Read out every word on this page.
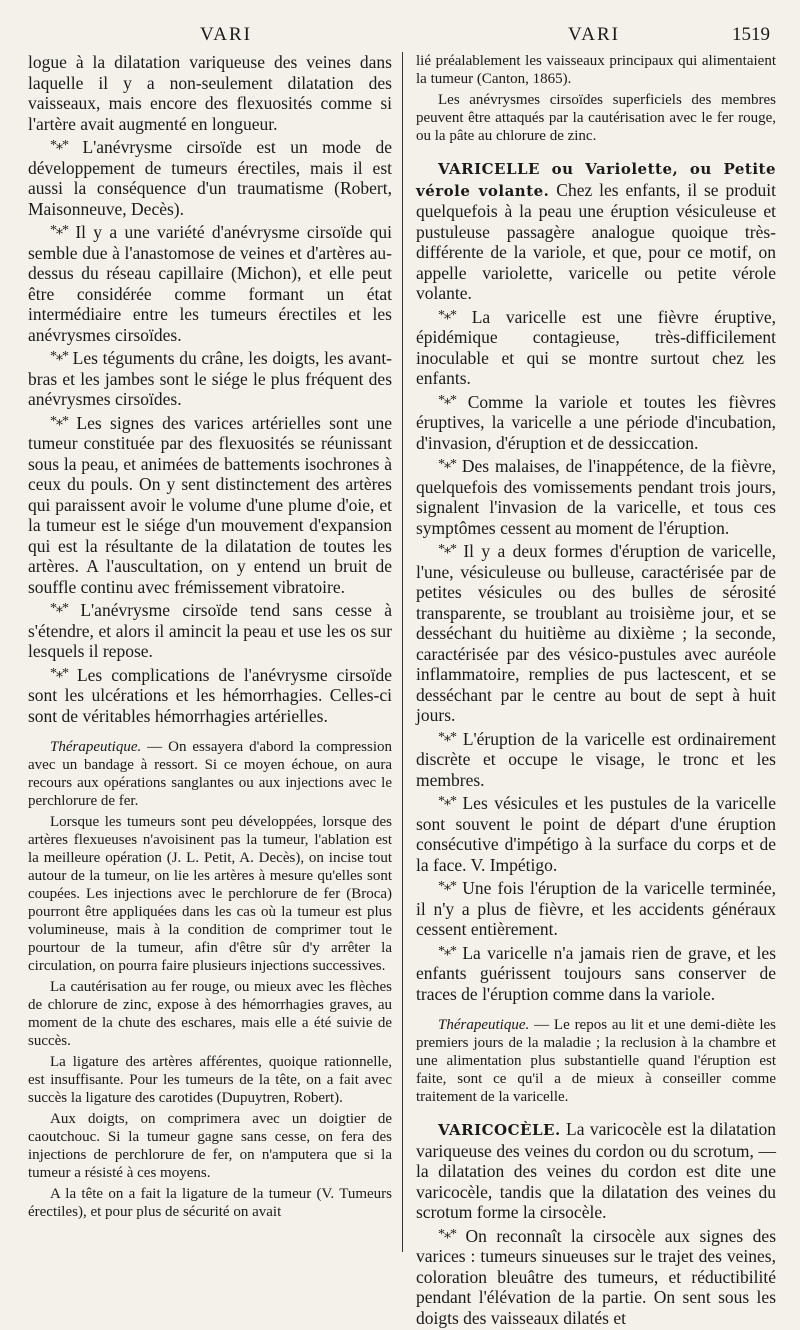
VARI	VARI	1519

logue à la dilatation variqueuse des veines dans laquelle il y a non-seulement dilatation des vaisseaux, mais encore des flexuosités comme si l'artère avait augmenté en longueur.

*⁎* L'anévrysme cirsoïde est un mode de développement de tumeurs érectiles, mais il est aussi la conséquence d'un traumatisme (Robert, Maisonneuve, Decès).

*⁎* Il y a une variété d'anévrysme cirsoïde qui semble due à l'anastomose de veines et d'artères au-dessus du réseau capillaire (Michon), et elle peut être considérée comme formant un état intermédiaire entre les tumeurs érectiles et les anévrysmes cirsoïdes.

*⁎* Les téguments du crâne, les doigts, les avant-bras et les jambes sont le siége le plus fréquent des anévrysmes cirsoïdes.

*⁎* Les signes des varices artérielles sont une tumeur constituée par des flexuosités se réunissant sous la peau, et animées de battements isochrones à ceux du pouls. On y sent distinctement des artères qui paraissent avoir le volume d'une plume d'oie, et la tumeur est le siége d'un mouvement d'expansion qui est la résultante de la dilatation de toutes les artères. A l'auscultation, on y entend un bruit de souffle continu avec frémissement vibratoire.

*⁎* L'anévrysme cirsoïde tend sans cesse à s'étendre, et alors il amincit la peau et use les os sur lesquels il repose.

*⁎* Les complications de l'anévrysme cirsoïde sont les ulcérations et les hémorrhagies. Celles-ci sont de véritables hémorrhagies artérielles.

Thérapeutique. — On essayera d'abord la compression avec un bandage à ressort. Si ce moyen échoue, on aura recours aux opérations sanglantes ou aux injections avec le perchlorure de fer.

Lorsque les tumeurs sont peu développées, lorsque des artères flexueuses n'avoisinent pas la tumeur, l'ablation est la meilleure opération (J. L. Petit, A. Decès), on incise tout autour de la tumeur, on lie les artères à mesure qu'elles sont coupées. Les injections avec le perchlorure de fer (Broca) pourront être appliquées dans les cas où la tumeur est plus volumineuse, mais à la condition de comprimer tout le pourtour de la tumeur, afin d'être sûr d'y arrêter la circulation, on pourra faire plusieurs injections successives.

La cautérisation au fer rouge, ou mieux avec les flèches de chlorure de zinc, expose à des hémorrhagies graves, au moment de la chute des eschares, mais elle a été suivie de succès.

La ligature des artères afférentes, quoique rationnelle, est insuffisante. Pour les tumeurs de la tête, on a fait avec succès la ligature des carotides (Dupuytren, Robert).

Aux doigts, on comprimera avec un doigtier de caoutchouc. Si la tumeur gagne sans cesse, on fera des injections de perchlorure de fer, on n'amputera que si la tumeur a résisté à ces moyens.

A la tête on a fait la ligature de la tumeur (V. Tumeurs érectiles), et pour plus de sécurité on avait

lié préalablement les vaisseaux principaux qui alimentaient la tumeur (Canton, 1865).

Les anévrysmes cirsoïdes superficiels des membres peuvent être attaqués par la cautérisation avec le fer rouge, ou la pâte au chlorure de zinc.

VARICELLE ou Variolette, ou Petite vérole volante. Chez les enfants, il se produit quelquefois à la peau une éruption vésiculeuse et pustuleuse passagère analogue quoique très-différente de la variole, et que, pour ce motif, on appelle variolette, varicelle ou petite vérole volante.

*⁎* La varicelle est une fièvre éruptive, épidémique contagieuse, très-difficilement inoculable et qui se montre surtout chez les enfants.

*⁎* Comme la variole et toutes les fièvres éruptives, la varicelle a une période d'incubation, d'invasion, d'éruption et de dessiccation.

*⁎* Des malaises, de l'inappétence, de la fièvre, quelquefois des vomissements pendant trois jours, signalent l'invasion de la varicelle, et tous ces symptômes cessent au moment de l'éruption.

*⁎* Il y a deux formes d'éruption de varicelle, l'une, vésiculeuse ou bulleuse, caractérisée par de petites vésicules ou des bulles de sérosité transparente, se troublant au troisième jour, et se desséchant du huitième au dixième ; la seconde, caractérisée par des vésico-pustules avec auréole inflammatoire, remplies de pus lactescent, et se desséchant par le centre au bout de sept à huit jours.

*⁎* L'éruption de la varicelle est ordinairement discrète et occupe le visage, le tronc et les membres.

*⁎* Les vésicules et les pustules de la varicelle sont souvent le point de départ d'une éruption consécutive d'impétigo à la surface du corps et de la face. V. Impétigo.

*⁎* Une fois l'éruption de la varicelle terminée, il n'y a plus de fièvre, et les accidents généraux cessent entièrement.

*⁎* La varicelle n'a jamais rien de grave, et les enfants guérissent toujours sans conserver de traces de l'éruption comme dans la variole.

Thérapeutique. — Le repos au lit et une demi-diète les premiers jours de la maladie ; la reclusion à la chambre et une alimentation plus substantielle quand l'éruption est faite, sont ce qu'il a de mieux à conseiller comme traitement de la varicelle.

VARICOCÈLE. La varicocèle est la dilatation variqueuse des veines du cordon ou du scrotum, — la dilatation des veines du cordon est dite une varicocèle, tandis que la dilatation des veines du scrotum forme la cirsocèle.

*⁎* On reconnaît la cirsocèle aux signes des varices : tumeurs sinueuses sur le trajet des veines, coloration bleuâtre des tumeurs, et réductibilité pendant l'élévation de la partie. On sent sous les doigts des vaisseaux dilatés et
